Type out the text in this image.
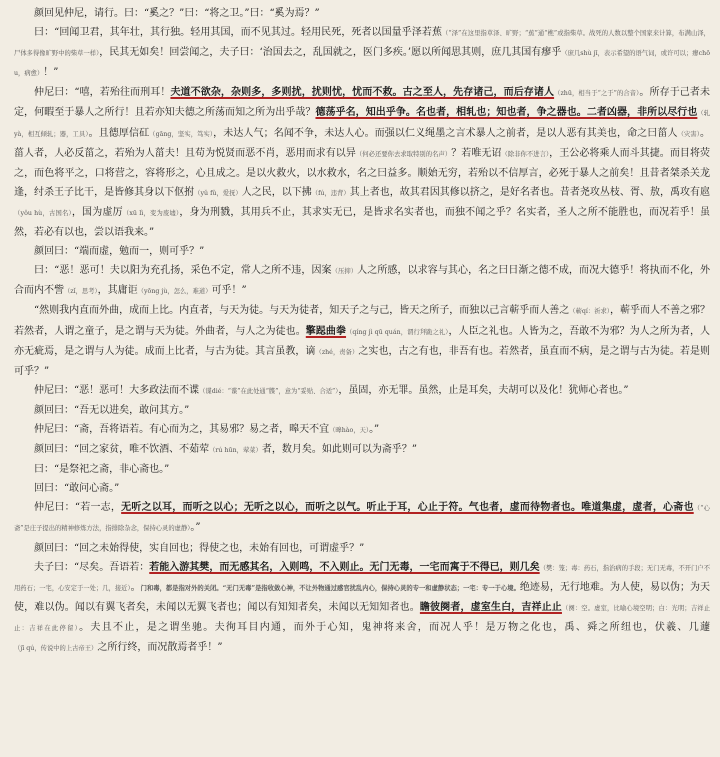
颜回见仲尼，请行。曰：“奚之？”曰：“将之卫。”曰：“奚为焉？”

曰：“回闻卫君，其年壮，其行独。轻用其国，而不见其过。轻用民死，死者以国量乎泽若蕉（“泽”在这里指草泽、旷野；“蕉”通“樵”或指柴草。战死的人数以整个国家来计算，布满山泽，尸体多得像旷野中的柴草一样），民其无如矣！回尝闻之，夫子曰：‘治国去之，乱国就之，医门多疾。’愿以所闻思其则，庶几其国有瘳乎（庶几shù jī，表示希望的语气词，或许可以；瘳chōu，病愈）！”

仲尼曰：“嘻，若殆往而刑耳！夫道不欲杂，杂则多，多则扰，扰则忧，忧而不救。古之至人，先存诸己，而后存诸人（zhū，相当于“之于”的合音）。所存于己者未定，何暇至于暴人之所行！且若亦知夫德之所荡而知之所为出乎哉？德荡乎名，知出乎争。名也者，相轧也；知也者，争之器也。二者凶器，非所以尽行也（轧yà，相互倾轧；器，工具）。且德厚信矼（gāng，坚实，笃实），未达人气；名闻不争，未达人心。而强以仁义绳墨之言术暴人之前者，是以人恶有其美也，命之曰菑人（灾害）。菑人者，人必反菑之，若殆为人菑夫！且苟为悦贤而恶不肖，恶用而求有以异（何必还要你去求取特别的名声）？若唯无诏（除非你不进言），王公必将乘人而斗其捷。而目将荧之，而色将平之，口将营之，容将形之，心且成之。是以火救火，以水救水，名之曰益多。顺始无穷，若殆以不信厚言，必死于暴人之前矣！且昔者桀杀关龙逢，纣杀王子比干，是皆修其身以下伛拊（yǔ fǔ，爱抚）人之民，以下拂（fú，违背）其上者也，故其君因其修以挤之，是好名者也。昔者尧攻丛枝、胥、敖，禹攻有扈（yǒu hù，古国名），国为虚厉（xū lì，变为废墟），身为刑戮，其用兵不止，其求实无已，是皆求名实者也，而独不闻之乎？名实者，圣人之所不能胜也，而况若乎！虽然，若必有以也，尝以语我来。”

颜回曰：“端而虚，勉而一，则可乎？”

曰：“恶！恶可！夫以阳为充孔扬，采色不定，常人之所不违，因案（压抑）人之所感，以求容与其心，名之曰日渐之德不成，而况大德乎！将执而不化，外合而内不訾（zǐ，思考），其庸讵（yōng jù，怎么，难道）可乎！”

“然则我内直而外曲，成而上比。内直者，与天为徒。与天为徒者，知天子之与己，皆天之所子，而独以己言蕲乎而人善之（蕲qí：祈求），蕲乎而人不善之邪？若然者，人谓之童子，是之谓与天为徒。外曲者，与人之为徒也。擎跽曲拳（qíng jì qū quán，谓行拜跪之礼），人臣之礼也。人皆为之，吾敢不为邪？为人之所为者，人亦无疵焉，是之谓与人为徒。成而上比者，与古为徒。其言虽教，谪（zhé，责备）之实也，古之有也，非吾有也。若然者，虽直而不病，是之谓与古为徒。若是则可乎？”

仲尼曰：“恶！恶可！大多政法而不谍（谍dié：“谍”在此处通“牒”，意为“妥贴、合适”），虽固，亦无罪。虽然，止是耳矣，夫胡可以及化！犹师心者也。”

颜回曰：“吾无以进矣，敢问其方。”

仲尼曰：“斋，吾将语若。有心而为之，其易邪？易之者，暤天不宜（暤hào，天）。”

颜回曰：“回之家贫，唯不饮酒、不茹荤（rú hūn，荤菜）者，数月矣。如此则可以为斋乎？”

曰：“是祭祀之斋，非心斋也。”

回曰：“敢问心斋。”

仲尼曰：“若一志，无听之以耳，而听之以心；无听之以心，而听之以气。听止于耳，心止于符。气也者，虚而待物者也。唯道集虚，虚者，心斋也（“心斋”是庄子提出的精神修炼方法，指排除杂念，保持心灵的虚静）。”

颜回曰：“回之未始得使，实自回也；得使之也，未始有回也，可谓虚乎？”

夫子曰：“尽矣。吾语若：若能入游其樊，而无感其名，入则鸣，不入则止。无门无毒，一宅而寓于不得已，则几矣（樊：笼；毒：药石，指治病的手段；无门无毒，不开门户不用药石；一宅，心安定于一处；几，接近）。门和毒，都是指对外的关闭。“无门无毒”是指收敛心神，不让外物通过感官扰乱内心，保持心灵的专一和虚静状态；一宅：专一于心境。绝迹易，无行地难。为人使，易以伪；为天使，难以伪。闻以有翼飞者矣，未闻以无翼飞者也；闻以有知知者矣，未闻以无知知者也。瞻彼阕者，虚室生白，吉祥止止（阕：空。虚室，比喻心境空明；白：光明；吉祥止止：吉祥在此停留）。夫且不止，是之谓坐驰。夫徇耳目内通，而外于心知，鬼神将来舍，而况人乎！是万物之化也，禹、舜之所纽也，伏羲、几蘧（jī qú，传说中的上古帝王）之所行终，而况散焉者乎！”
